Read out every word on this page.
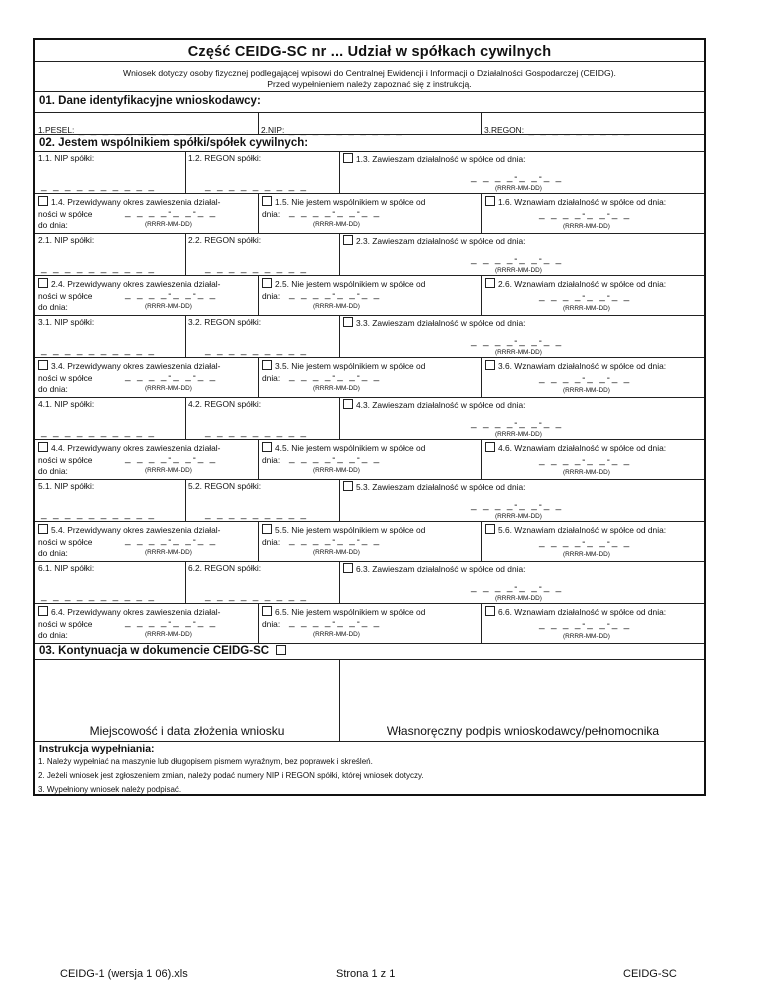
Część CEIDG-SC nr ... Udział w spółkach cywilnych
Wniosek dotyczy osoby fizycznej podlegającej wpisowi do Centralnej Ewidencji i Informacji o Działalności Gospodarczej (CEIDG).
Przed wypełnieniem należy zapoznać się z instrukcją.
01. Dane identyfikacyjne wnioskodawcy:
1.PESEL: _ _ _ _ _ _ _ _ _ _ _	2.NIP: _ _ _ _ _ _ _ _ _ _	3.REGON: _ _ _ _ _ _ _ _ _
02. Jestem wspólnikiem spółki/spółek cywilnych:
1.1. NIP spółki:
_ _ _ _ _ _ _ _ _ _
1.2. REGON spółki:
_ _ _ _ _ _ _ _ _
1.3. Zawieszam działalność w spółce od dnia:
_ _ _ _-_ _-_ _
(RRRR-MM-DD)
1.4. Przewidywany okres zawieszenia działal-
ności w spółce
do dnia:
_ _ _ _-_ _-_ _
(RRRR-MM-DD)
1.5. Nie jestem wspólnikiem w spółce od
dnia: _ _ _ _-_ _-_ _
(RRRR-MM-DD)
1.6. Wznawiam działalność w spółce od dnia:
_ _ _ _-_ _-_ _
(RRRR-MM-DD)
2.1. NIP spółki:
_ _ _ _ _ _ _ _ _ _
2.2. REGON spółki:
_ _ _ _ _ _ _ _ _
2.3. Zawieszam działalność w spółce od dnia:
_ _ _ _-_ _-_ _
(RRRR-MM-DD)
2.4. Przewidywany okres zawieszenia działal-
ności w spółce
do dnia:
_ _ _ _-_ _-_ _
(RRRR-MM-DD)
2.5. Nie jestem wspólnikiem w spółce od
dnia: _ _ _ _-_ _-_ _
(RRRR-MM-DD)
2.6. Wznawiam działalność w spółce od dnia:
_ _ _ _-_ _-_ _
(RRRR-MM-DD)
3.1. NIP spółki:
_ _ _ _ _ _ _ _ _ _
3.2. REGON spółki:
_ _ _ _ _ _ _ _ _
3.3. Zawieszam działalność w spółce od dnia:
_ _ _ _-_ _-_ _
(RRRR-MM-DD)
3.4. Przewidywany okres zawieszenia działal-
ności w spółce
do dnia:
_ _ _ _-_ _-_ _
(RRRR-MM-DD)
3.5. Nie jestem wspólnikiem w spółce od
dnia: _ _ _ _-_ _-_ _
(RRRR-MM-DD)
3.6. Wznawiam działalność w spółce od dnia:
_ _ _ _-_ _-_ _
(RRRR-MM-DD)
4.1. NIP spółki:
_ _ _ _ _ _ _ _ _ _
4.2. REGON spółki:
_ _ _ _ _ _ _ _ _
4.3. Zawieszam działalność w spółce od dnia:
_ _ _ _-_ _-_ _
(RRRR-MM-DD)
4.4. Przewidywany okres zawieszenia działal-
ności w spółce
do dnia:
_ _ _ _-_ _-_ _
(RRRR-MM-DD)
4.5. Nie jestem wspólnikiem w spółce od
dnia: _ _ _ _-_ _-_ _
(RRRR-MM-DD)
4.6. Wznawiam działalność w spółce od dnia:
_ _ _ _-_ _-_ _
(RRRR-MM-DD)
5.1. NIP spółki:
_ _ _ _ _ _ _ _ _ _
5.2. REGON spółki:
_ _ _ _ _ _ _ _ _
5.3. Zawieszam działalność w spółce od dnia:
_ _ _ _-_ _-_ _
(RRRR-MM-DD)
5.4. Przewidywany okres zawieszenia działal-
ności w spółce
do dnia:
_ _ _ _-_ _-_ _
(RRRR-MM-DD)
5.5. Nie jestem wspólnikiem w spółce od
dnia: _ _ _ _-_ _-_ _
(RRRR-MM-DD)
5.6. Wznawiam działalność w spółce od dnia:
_ _ _ _-_ _-_ _
(RRRR-MM-DD)
6.1. NIP spółki:
_ _ _ _ _ _ _ _ _ _
6.2. REGON spółki:
_ _ _ _ _ _ _ _ _
6.3. Zawieszam działalność w spółce od dnia:
_ _ _ _-_ _-_ _
(RRRR-MM-DD)
6.4. Przewidywany okres zawieszenia działal-
ności w spółce
do dnia:
_ _ _ _-_ _-_ _
(RRRR-MM-DD)
6.5. Nie jestem wspólnikiem w spółce od
dnia: _ _ _ _-_ _-_ _
(RRRR-MM-DD)
6.6. Wznawiam działalność w spółce od dnia:
_ _ _ _-_ _-_ _
(RRRR-MM-DD)
03. Kontynuacja w dokumencie CEIDG-SC
Miejscowość i data złożenia wniosku	Własnoręczny podpis wnioskodawcy/pełnomocnika
Instrukcja wypełniania:
1. Należy wypełniać na maszynie lub długopisem pismem wyraźnym, bez poprawek i skreśleń.
2. Jeżeli wniosek jest zgłoszeniem zmian, należy podać numery NIP i REGON spółki, której wniosek dotyczy.
3. Wypełniony wniosek należy podpisać.
CEIDG-1 (wersja 1 06).xls	Strona 1 z 1	CEIDG-SC
